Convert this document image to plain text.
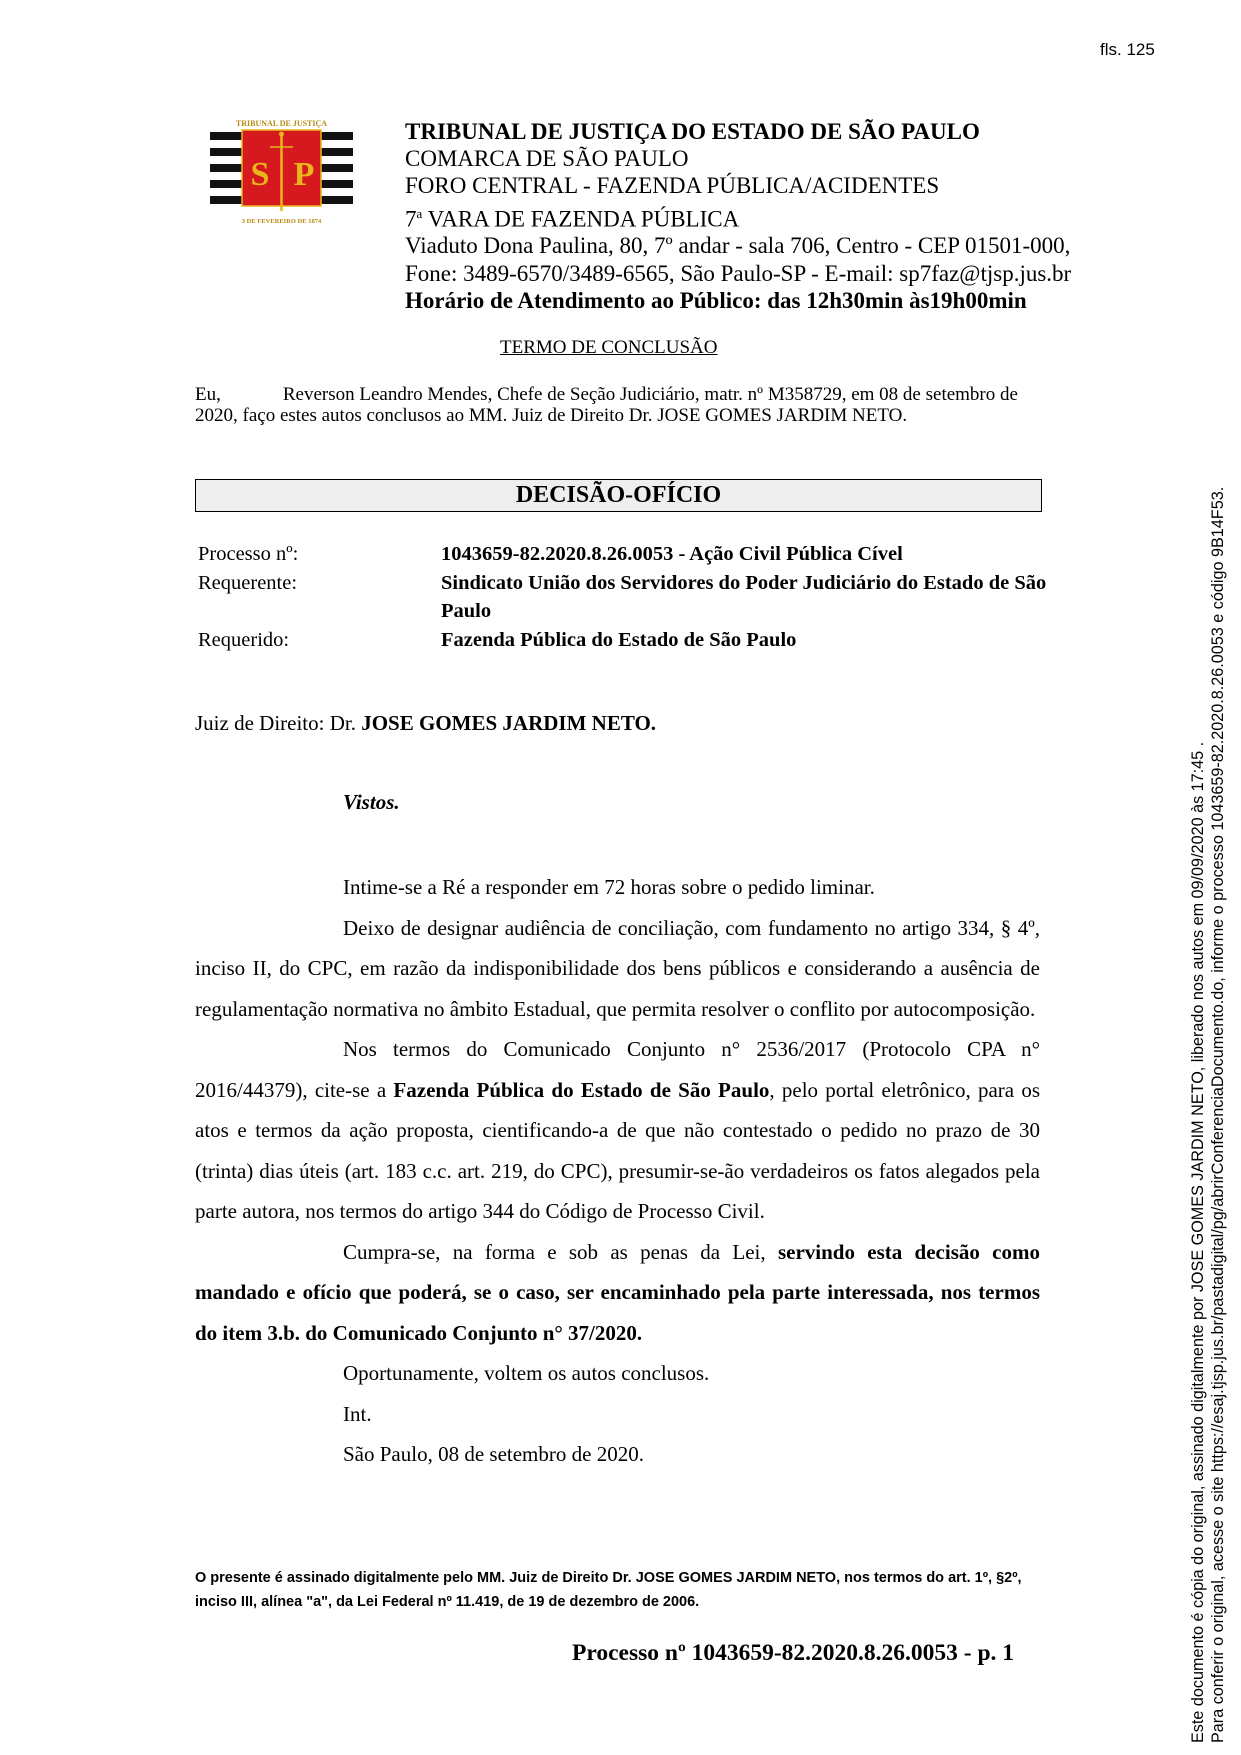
fls. 125
TRIBUNAL DE JUSTIÇA
S P
3 DE FEVEREIRO DE 1874
TRIBUNAL DE JUSTIÇA DO ESTADO DE SÃO PAULO
COMARCA DE SÃO PAULO
FORO CENTRAL - FAZENDA PÚBLICA/ACIDENTES
7$^a$ VARA DE FAZENDA PÚBLICA
Viaduto Dona Paulina, 80, 7º andar - sala 706, Centro - CEP 01501-000,
Fone: 3489-6570/3489-6565, São Paulo-SP - E-mail: sp7faz@tjsp.jus.br
Horário de Atendimento ao Público: das 12h30min às19h00min
TERMO DE CONCLUSÃO
Eu,	Reverson Leandro Mendes, Chefe de Seção Judiciário, matr. nº M358729, em 08 de setembro de 2020, faço estes autos conclusos ao MM. Juiz de Direito Dr. JOSE GOMES JARDIM NETO.
DECISÃO-OFÍCIO
Processo nº:	1043659-82.2020.8.26.0053 - Ação Civil Pública Cível
Requerente:	Sindicato União dos Servidores do Poder Judiciário do Estado de São Paulo
Requerido:	Fazenda Pública do Estado de São Paulo
Juiz de Direito: Dr. JOSE GOMES JARDIM NETO.
Vistos.

Intime-se a Ré a responder em 72 horas sobre o pedido liminar.

Deixo de designar audiência de conciliação, com fundamento no artigo 334, § 4º, inciso II, do CPC, em razão da indisponibilidade dos bens públicos e considerando a ausência de regulamentação normativa no âmbito Estadual, que permita resolver o conflito por autocomposição.

Nos termos do Comunicado Conjunto n° 2536/2017 (Protocolo CPA n° 2016/44379), cite-se a Fazenda Pública do Estado de São Paulo, pelo portal eletrônico, para os atos e termos da ação proposta, cientificando-a de que não contestado o pedido no prazo de 30 (trinta) dias úteis (art. 183 c.c. art. 219, do CPC), presumir-se-ão verdadeiros os fatos alegados pela parte autora, nos termos do artigo 344 do Código de Processo Civil.

Cumpra-se, na forma e sob as penas da Lei, servindo esta decisão como mandado e ofício que poderá, se o caso, ser encaminhado pela parte interessada, nos termos do item 3.b. do Comunicado Conjunto n° 37/2020.

Oportunamente, voltem os autos conclusos.

Int.

São Paulo, 08 de setembro de 2020.

O presente é assinado digitalmente pelo MM. Juiz de Direito Dr. JOSE GOMES JARDIM NETO, nos termos do art. 1º, §2º, inciso III, alínea "a", da Lei Federal nº 11.419, de 19 de dezembro de 2006.
Processo nº 1043659-82.2020.8.26.0053 - p. 1	Este documento é cópia do original, assinado digitalmente por JOSE GOMES JARDIM NETO, liberado nos autos em 09/09/2020 às 17:45 . Para conferir o original, acesse o site https://esaj.tjsp.jus.br/pastadigital/pg/abrirConferenciaDocumento.do, informe o processo 1043659-82.2020.8.26.0053 e código 9B14F53.
